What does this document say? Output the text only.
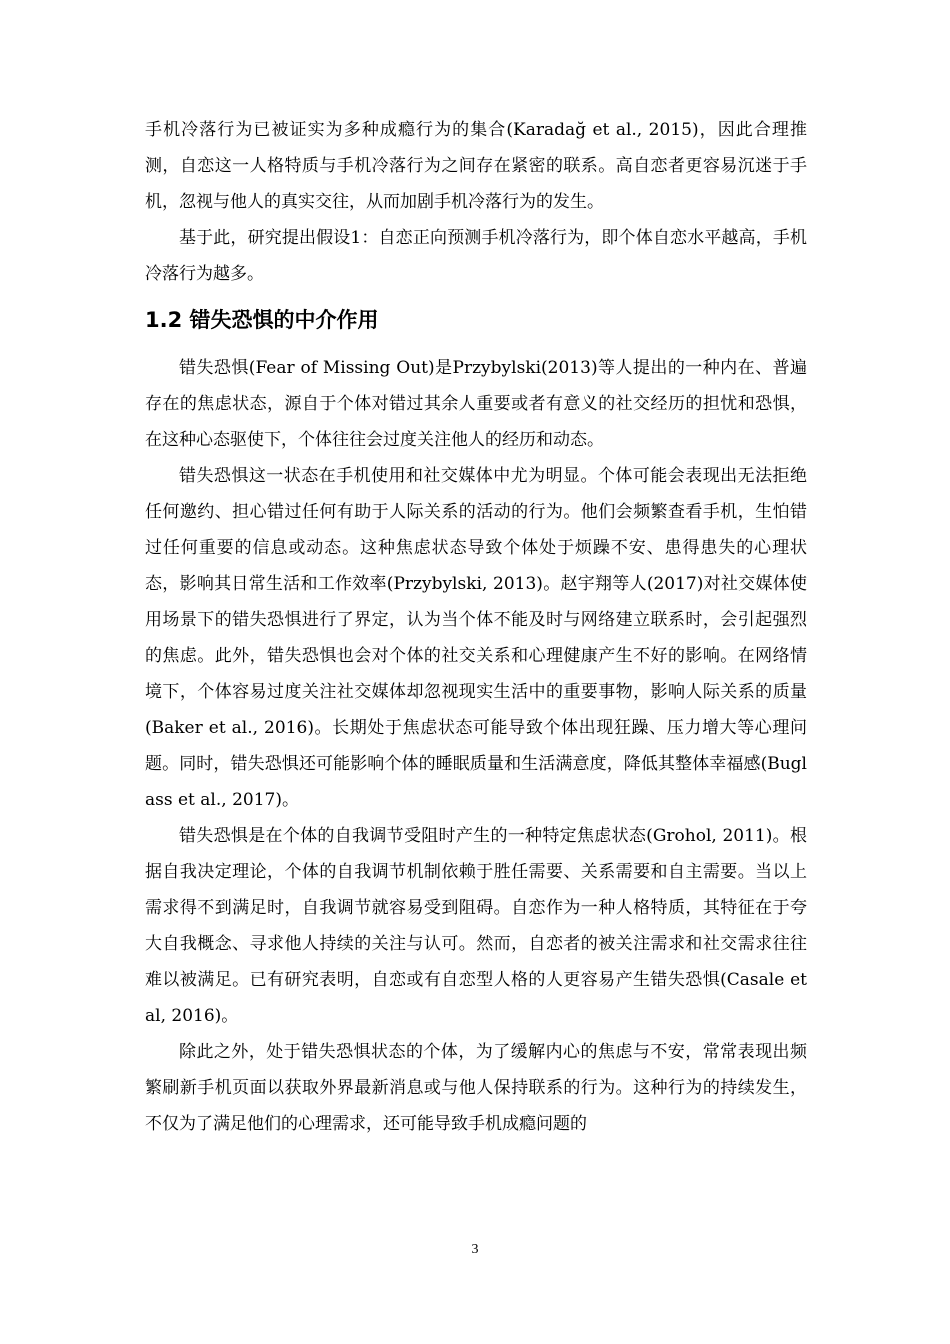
手机冷落行为已被证实为多种成瘾行为的集合(Karadağ et al., 2015)，因此合理推测，自恋这一人格特质与手机冷落行为之间存在紧密的联系。高自恋者更容易沉迷于手机，忽视与他人的真实交往，从而加剧手机冷落行为的发生。

基于此，研究提出假设1：自恋正向预测手机冷落行为，即个体自恋水平越高，手机冷落行为越多。

1.2 错失恐惧的中介作用

错失恐惧(Fear of Missing Out)是Przybylski(2013)等人提出的一种内在、普遍存在的焦虑状态，源自于个体对错过其余人重要或者有意义的社交经历的担忧和恐惧，在这种心态驱使下，个体往往会过度关注他人的经历和动态。

错失恐惧这一状态在手机使用和社交媒体中尤为明显。个体可能会表现出无法拒绝任何邀约、担心错过任何有助于人际关系的活动的行为。他们会频繁查看手机，生怕错过任何重要的信息或动态。这种焦虑状态导致个体处于烦躁不安、患得患失的心理状态，影响其日常生活和工作效率(Przybylski, 2013)。赵宇翔等人(2017)对社交媒体使用场景下的错失恐惧进行了界定，认为当个体不能及时与网络建立联系时，会引起强烈的焦虑。此外，错失恐惧也会对个体的社交关系和心理健康产生不好的影响。在网络情境下，个体容易过度关注社交媒体却忽视现实生活中的重要事物，影响人际关系的质量(Baker et al., 2016)。长期处于焦虑状态可能导致个体出现狂躁、压力增大等心理问题。同时，错失恐惧还可能影响个体的睡眠质量和生活满意度，降低其整体幸福感(Buglass et al., 2017)。

错失恐惧是在个体的自我调节受阻时产生的一种特定焦虑状态(Grohol, 2011)。根据自我决定理论，个体的自我调节机制依赖于胜任需要、关系需要和自主需要。当以上需求得不到满足时，自我调节就容易受到阻碍。自恋作为一种人格特质，其特征在于夸大自我概念、寻求他人持续的关注与认可。然而，自恋者的被关注需求和社交需求往往难以被满足。已有研究表明，自恋或有自恋型人格的人更容易产生错失恐惧(Casale et al, 2016)。

除此之外，处于错失恐惧状态的个体，为了缓解内心的焦虑与不安，常常表现出频繁刷新手机页面以获取外界最新消息或与他人保持联系的行为。这种行为的持续发生，不仅为了满足他们的心理需求，还可能导致手机成瘾问题的

3
